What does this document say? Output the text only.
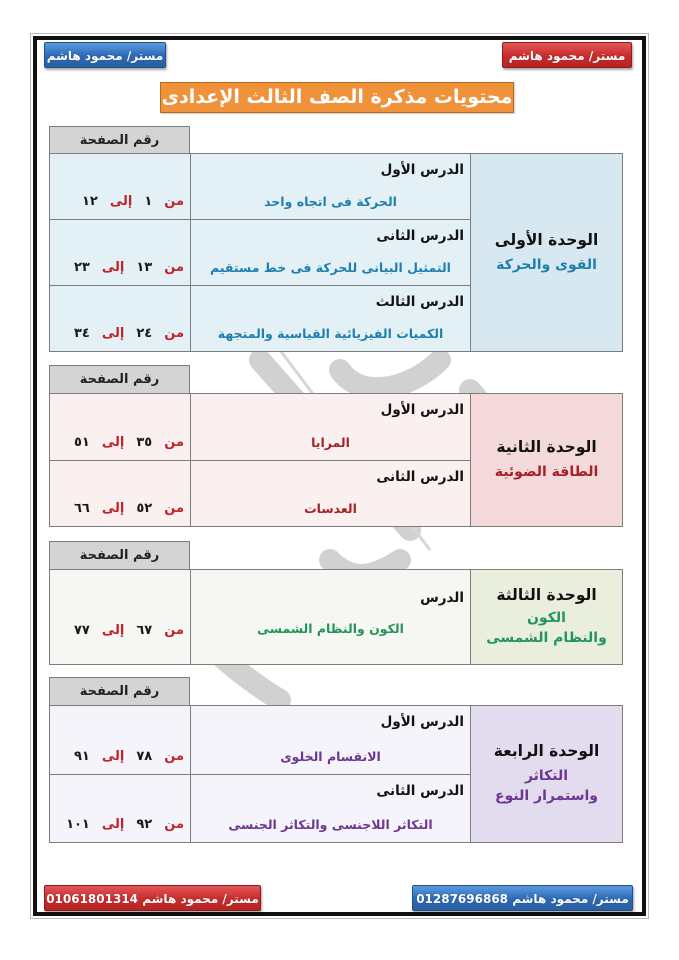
مستر/ محمود هاشم	مستر/ محمود هاشم
محتويات مذكرة الصف الثالث الإعدادى
رقم الصفحة
من
١
إلى
١٢
من
١٣
إلى
٢٣
من
٢٤
إلى
٣٤
الدرس الأول
الحركة فى اتجاه واحد
الدرس الثانى
التمثيل البيانى للحركة فى خط مستقيم
الدرس الثالث
الكميات الفيزيائية القياسية والمتجهة
الوحدة الأولى
القوى والحركة
رقم الصفحة
من
٣٥
إلى
٥١
من
٥٢
إلى
٦٦
الدرس الأول
المرايا
الدرس الثانى
العدسات
الوحدة الثانية
الطاقة الضوئية
رقم الصفحة
من
٦٧
إلى
٧٧
الدرس
الكون والنظام الشمسى
الوحدة الثالثة
الكون
والنظام الشمسى
رقم الصفحة
من
٧٨
إلى
٩١
من
٩٢
إلى
١٠١
الدرس الأول
الانقسام الخلوى
الدرس الثانى
التكاثر اللاجنسى والتكاثر الجنسى
الوحدة الرابعة
التكاثر
واستمرار النوع
مستر/ محمود هاشم 01061801314	مستر/ محمود هاشم 01287696868
